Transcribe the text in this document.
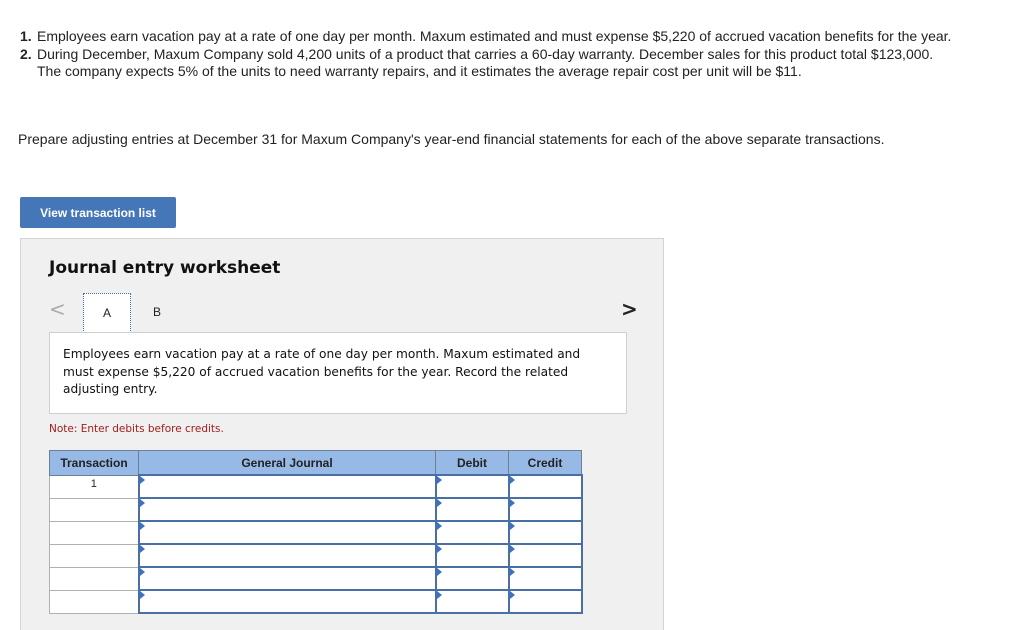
1. Employees earn vacation pay at a rate of one day per month. Maxum estimated and must expense $5,220 of accrued vacation benefits for the year.
2. During December, Maxum Company sold 4,200 units of a product that carries a 60-day warranty. December sales for this product total $123,000. The company expects 5% of the units to need warranty repairs, and it estimates the average repair cost per unit will be $11.
Prepare adjusting entries at December 31 for Maxum Company's year-end financial statements for each of the above separate transactions.
View transaction list
Journal entry worksheet
<	A	B	>
Employees earn vacation pay at a rate of one day per month. Maxum estimated and must expense $5,220 of accrued vacation benefits for the year. Record the related adjusting entry.
Note: Enter debits before credits.
Transaction	General Journal	Debit	Credit
1	
